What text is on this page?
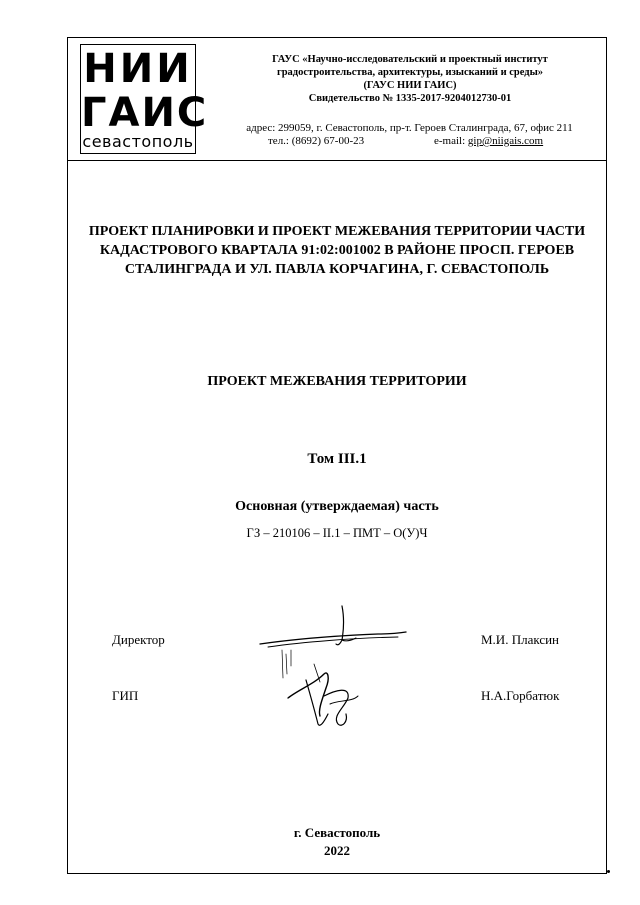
НИИ
ГАИС
севастополь
ГАУС «Научно-исследовательский и проектный институт
градостроительства, архитектуры, изысканий и среды»
(ГАУС НИИ ГАИС)
Свидетельство № 1335-2017-9204012730-01
адрес: 299059, г. Севастополь, пр-т. Героев Сталинграда, 67, офис 211
тел.: (8692) 67-00-23	e-mail: gip@niigais.com
ПРОЕКТ ПЛАНИРОВКИ И ПРОЕКТ МЕЖЕВАНИЯ ТЕРРИТОРИИ ЧАСТИ
КАДАСТРОВОГО КВАРТАЛА 91:02:001002 В РАЙОНЕ ПРОСП. ГЕРОЕВ
СТАЛИНГРАДА И УЛ. ПАВЛА КОРЧАГИНА, Г. СЕВАСТОПОЛЬ
ПРОЕКТ МЕЖЕВАНИЯ ТЕРРИТОРИИ
Том III.1
Основная (утверждаемая) часть
ГЗ – 210106 – II.1 – ПМТ – О(У)Ч
Директор	М.И. Плаксин
ГИП	Н.А.Горбатюк
г. Севастополь
2022
